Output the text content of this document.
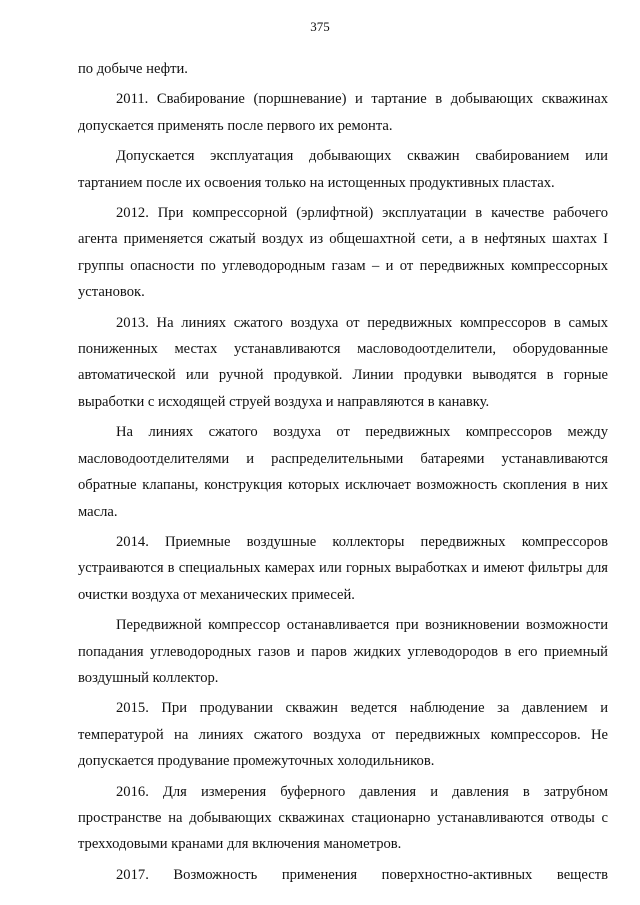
375

по добыче нефти.

2011. Свабирование (поршневание) и тартание в добывающих скважинах допускается применять после первого их ремонта.

Допускается эксплуатация добывающих скважин свабированием или тартанием после их освоения только на истощенных продуктивных пластах.

2012. При компрессорной (эрлифтной) эксплуатации в качестве рабочего агента применяется сжатый воздух из общешахтной сети, а в нефтяных шахтах I группы опасности по углеводородным газам – и от передвижных компрессорных установок.

2013. На линиях сжатого воздуха от передвижных компрессоров в самых пониженных местах устанавливаются масловодоотделители, оборудованные автоматической или ручной продувкой. Линии продувки выводятся в горные выработки с исходящей струей воздуха и направляются в канавку.

На линиях сжатого воздуха от передвижных компрессоров между масловодоотделителями и распределительными батареями устанавливаются обратные клапаны, конструкция которых исключает возможность скопления в них масла.

2014. Приемные воздушные коллекторы передвижных компрессоров устраиваются в специальных камерах или горных выработках и имеют фильтры для очистки воздуха от механических примесей.

Передвижной компрессор останавливается при возникновении возможности попадания углеводородных газов и паров жидких углеводородов в его приемный воздушный коллектор.

2015. При продувании скважин ведется наблюдение за давлением и температурой на линиях сжатого воздуха от передвижных компрессоров. Не допускается продувание промежуточных холодильников.

2016. Для измерения буферного давления и давления в затрубном пространстве на добывающих скважинах стационарно устанавливаются отводы с трехходовыми кранами для включения манометров.

2017. Возможность применения поверхностно-активных веществ
